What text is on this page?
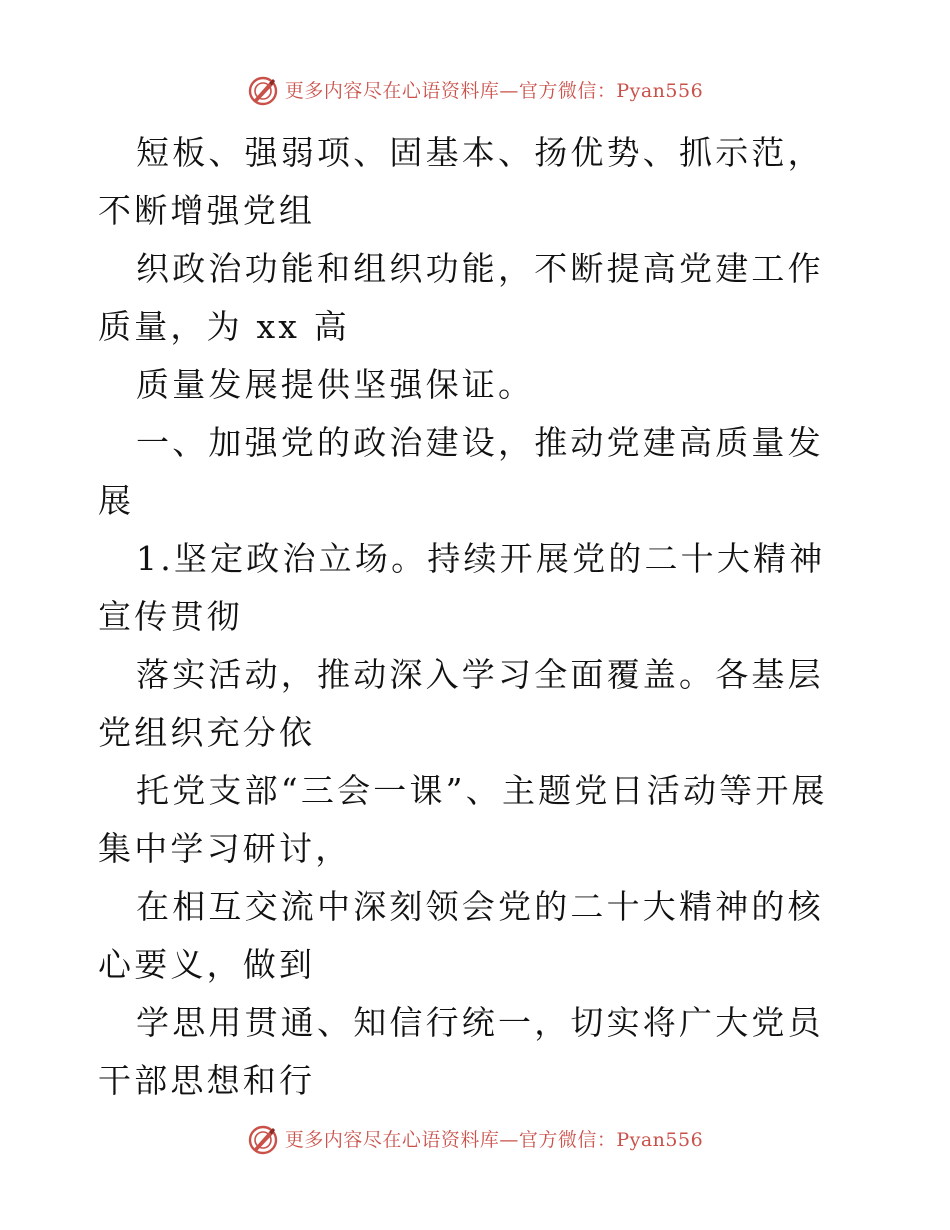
更多内容尽在心语资料库—官方微信：Pyan556

短板、强弱项、固基本、扬优势、抓示范，不断增强党组

织政治功能和组织功能，不断提高党建工作质量，为 xx 高

质量发展提供坚强保证。

一、加强党的政治建设，推动党建高质量发展

1.坚定政治立场。持续开展党的二十大精神宣传贯彻

落实活动，推动深入学习全面覆盖。各基层党组织充分依

托党支部“三会一课”、主题党日活动等开展集中学习研讨，

在相互交流中深刻领会党的二十大精神的核心要义，做到

学思用贯通、知信行统一，切实将广大党员干部思想和行

更多内容尽在心语资料库—官方微信：Pyan556
